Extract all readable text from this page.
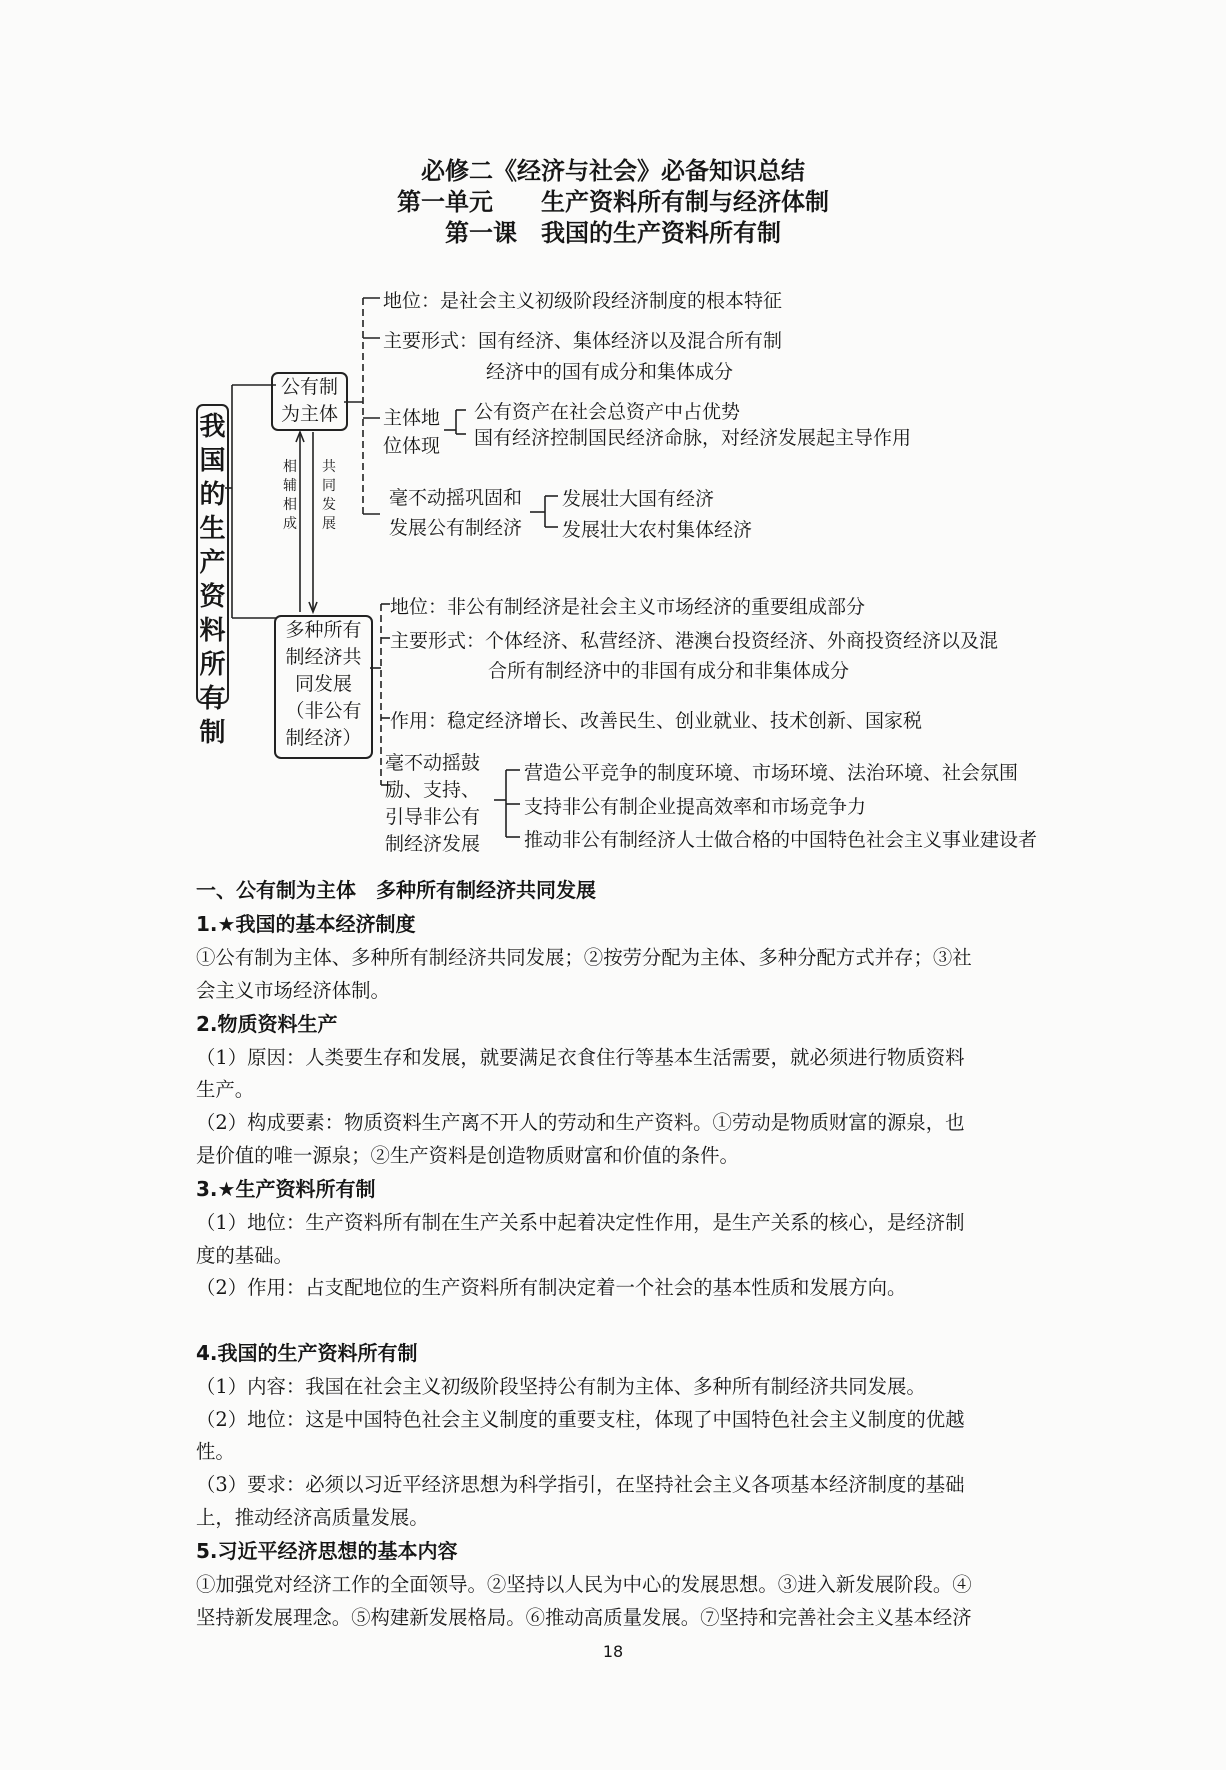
必修二《经济与社会》必备知识总结
第一单元　　生产资料所有制与经济体制
第一课　我国的生产资料所有制
我
国
的
生
产
资
料
所
有
制
公有制
为主体
相
辅
相
成
共
同
发
展
多种所有
制经济共
同发展
（非公有
制经济）
地位：是社会主义初级阶段经济制度的根本特征
主要形式：国有经济、集体经济以及混合所有制
经济中的国有成分和集体成分
主体地
位体现
公有资产在社会总资产中占优势
国有经济控制国民经济命脉，对经济发展起主导作用
毫不动摇巩固和
发展公有制经济
发展壮大国有经济
发展壮大农村集体经济
地位：非公有制经济是社会主义市场经济的重要组成部分
主要形式：个体经济、私营经济、港澳台投资经济、外商投资经济以及混
合所有制经济中的非国有成分和非集体成分
作用：稳定经济增长、改善民生、创业就业、技术创新、国家税
毫不动摇鼓
励、支持、
引导非公有
制经济发展
营造公平竞争的制度环境、市场环境、法治环境、社会氛围
支持非公有制企业提高效率和市场竞争力
推动非公有制经济人士做合格的中国特色社会主义事业建设者
一、公有制为主体　多种所有制经济共同发展
1.★我国的基本经济制度
①公有制为主体、多种所有制经济共同发展；②按劳分配为主体、多种分配方式并存；③社
会主义市场经济体制。
2.物质资料生产
（1）原因：人类要生存和发展，就要满足衣食住行等基本生活需要，就必须进行物质资料
生产。
（2）构成要素：物质资料生产离不开人的劳动和生产资料。①劳动是物质财富的源泉，也
是价值的唯一源泉；②生产资料是创造物质财富和价值的条件。
3.★生产资料所有制
（1）地位：生产资料所有制在生产关系中起着决定性作用，是生产关系的核心，是经济制
度的基础。
（2）作用：占支配地位的生产资料所有制决定着一个社会的基本性质和发展方向。
4.我国的生产资料所有制
（1）内容：我国在社会主义初级阶段坚持公有制为主体、多种所有制经济共同发展。
（2）地位：这是中国特色社会主义制度的重要支柱，体现了中国特色社会主义制度的优越
性。
（3）要求：必须以习近平经济思想为科学指引，在坚持社会主义各项基本经济制度的基础
上，推动经济高质量发展。
5.习近平经济思想的基本内容
①加强党对经济工作的全面领导。②坚持以人民为中心的发展思想。③进入新发展阶段。④
坚持新发展理念。⑤构建新发展格局。⑥推动高质量发展。⑦坚持和完善社会主义基本经济
18
